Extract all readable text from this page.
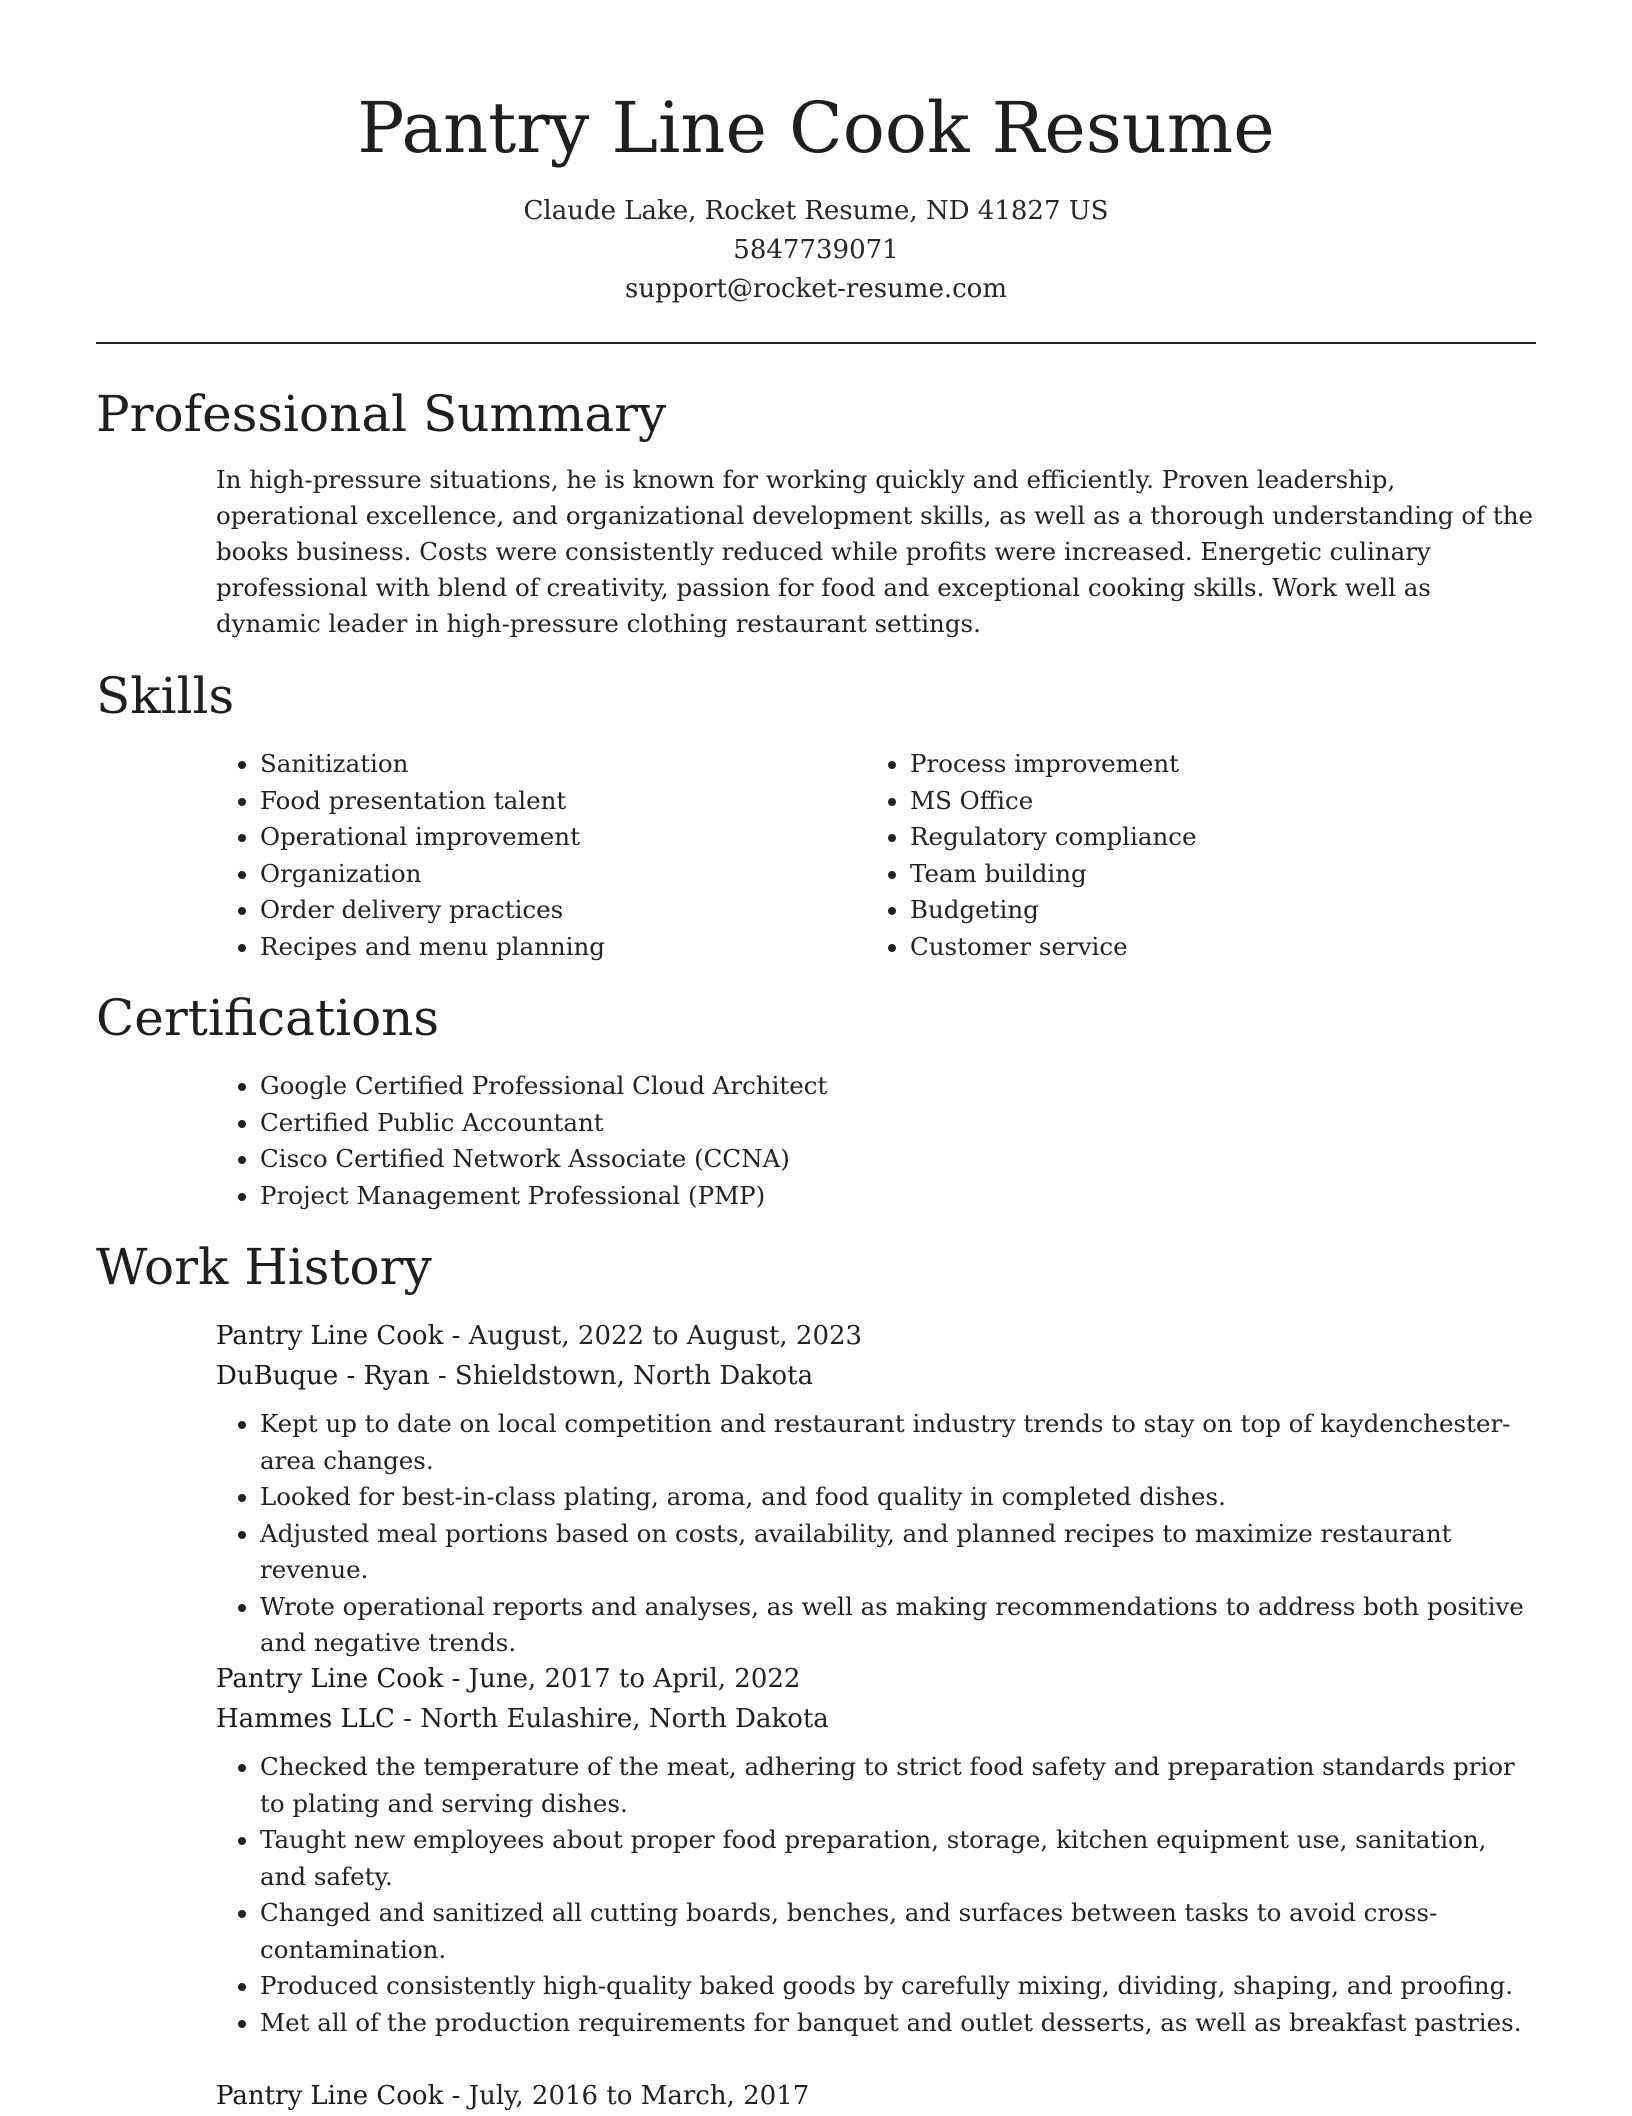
Pantry Line Cook Resume
Claude Lake, Rocket Resume, ND 41827 US
5847739071
support@rocket-resume.com
Professional Summary

In high-pressure situations, he is known for working quickly and efficiently. Proven leadership, operational excellence, and organizational development skills, as well as a thorough understanding of the books business. Costs were consistently reduced while profits were increased. Energetic culinary professional with blend of creativity, passion for food and exceptional cooking skills. Work well as dynamic leader in high-pressure clothing restaurant settings.

Skills
• Sanitization
• Food presentation talent
• Operational improvement
• Organization
• Order delivery practices
• Recipes and menu planning
• Process improvement
• MS Office
• Regulatory compliance
• Team building
• Budgeting
• Customer service
Certifications
• Google Certified Professional Cloud Architect
• Certified Public Accountant
• Cisco Certified Network Associate (CCNA)
• Project Management Professional (PMP)
Work History
Pantry Line Cook - August, 2022 to August, 2023
DuBuque - Ryan - Shieldstown, North Dakota
• Kept up to date on local competition and restaurant industry trends to stay on top of kaydenchester-area changes.
• Looked for best-in-class plating, aroma, and food quality in completed dishes.
• Adjusted meal portions based on costs, availability, and planned recipes to maximize restaurant revenue.
• Wrote operational reports and analyses, as well as making recommendations to address both positive and negative trends.
Pantry Line Cook - June, 2017 to April, 2022
Hammes LLC - North Eulashire, North Dakota
• Checked the temperature of the meat, adhering to strict food safety and preparation standards prior to plating and serving dishes.
• Taught new employees about proper food preparation, storage, kitchen equipment use, sanitation, and safety.
• Changed and sanitized all cutting boards, benches, and surfaces between tasks to avoid cross-contamination.
• Produced consistently high-quality baked goods by carefully mixing, dividing, shaping, and proofing.
• Met all of the production requirements for banquet and outlet desserts, as well as breakfast pastries.
Pantry Line Cook - July, 2016 to March, 2017
